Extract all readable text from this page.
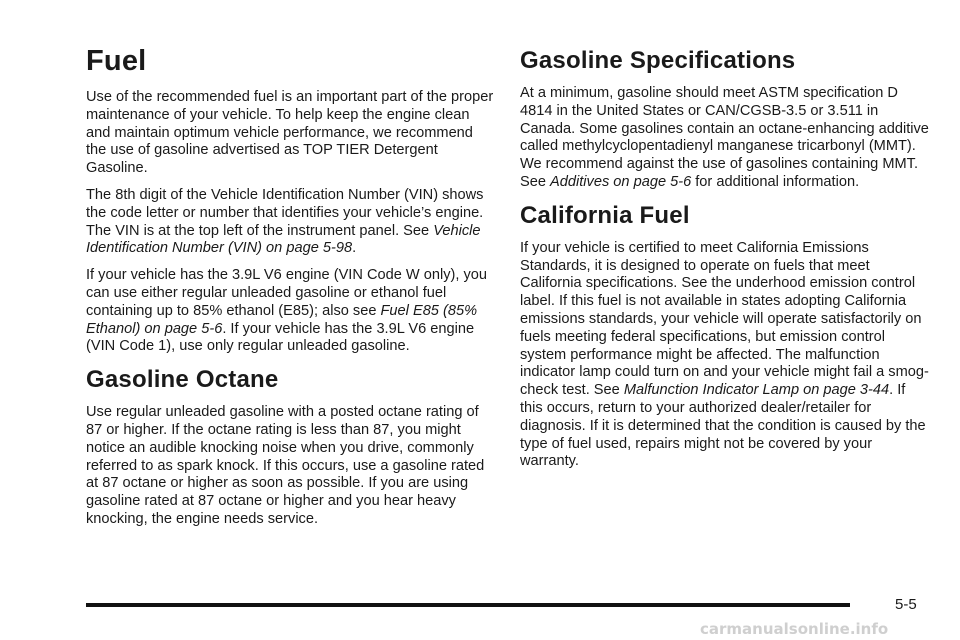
Fuel

Use of the recommended fuel is an important part of the proper maintenance of your vehicle. To help keep the engine clean and maintain optimum vehicle performance, we recommend the use of gasoline advertised as TOP TIER Detergent Gasoline.

The 8th digit of the Vehicle Identification Number (VIN) shows the code letter or number that identifies your vehicle’s engine. The VIN is at the top left of the instrument panel. See Vehicle Identification Number (VIN) on page 5-98.

If your vehicle has the 3.9L V6 engine (VIN Code W only), you can use either regular unleaded gasoline or ethanol fuel containing up to 85% ethanol (E85); also see Fuel E85 (85% Ethanol) on page 5-6. If your vehicle has the 3.9L V6 engine (VIN Code 1), use only regular unleaded gasoline.

Gasoline Octane

Use regular unleaded gasoline with a posted octane rating of 87 or higher. If the octane rating is less than 87, you might notice an audible knocking noise when you drive, commonly referred to as spark knock. If this occurs, use a gasoline rated at 87 octane or higher as soon as possible. If you are using gasoline rated at 87 octane or higher and you hear heavy knocking, the engine needs service.

Gasoline Specifications

At a minimum, gasoline should meet ASTM specification D 4814 in the United States or CAN/CGSB-3.5 or 3.511 in Canada. Some gasolines contain an octane-enhancing additive called methylcyclopentadienyl manganese tricarbonyl (MMT). We recommend against the use of gasolines containing MMT. See Additives on page 5-6 for additional information.

California Fuel

If your vehicle is certified to meet California Emissions Standards, it is designed to operate on fuels that meet California specifications. See the underhood emission control label. If this fuel is not available in states adopting California emissions standards, your vehicle will operate satisfactorily on fuels meeting federal specifications, but emission control system performance might be affected. The malfunction indicator lamp could turn on and your vehicle might fail a smog-check test. See Malfunction Indicator Lamp on page 3-44. If this occurs, return to your authorized dealer/retailer for diagnosis. If it is determined that the condition is caused by the type of fuel used, repairs might not be covered by your warranty.

5-5
carmanualsonline.info
